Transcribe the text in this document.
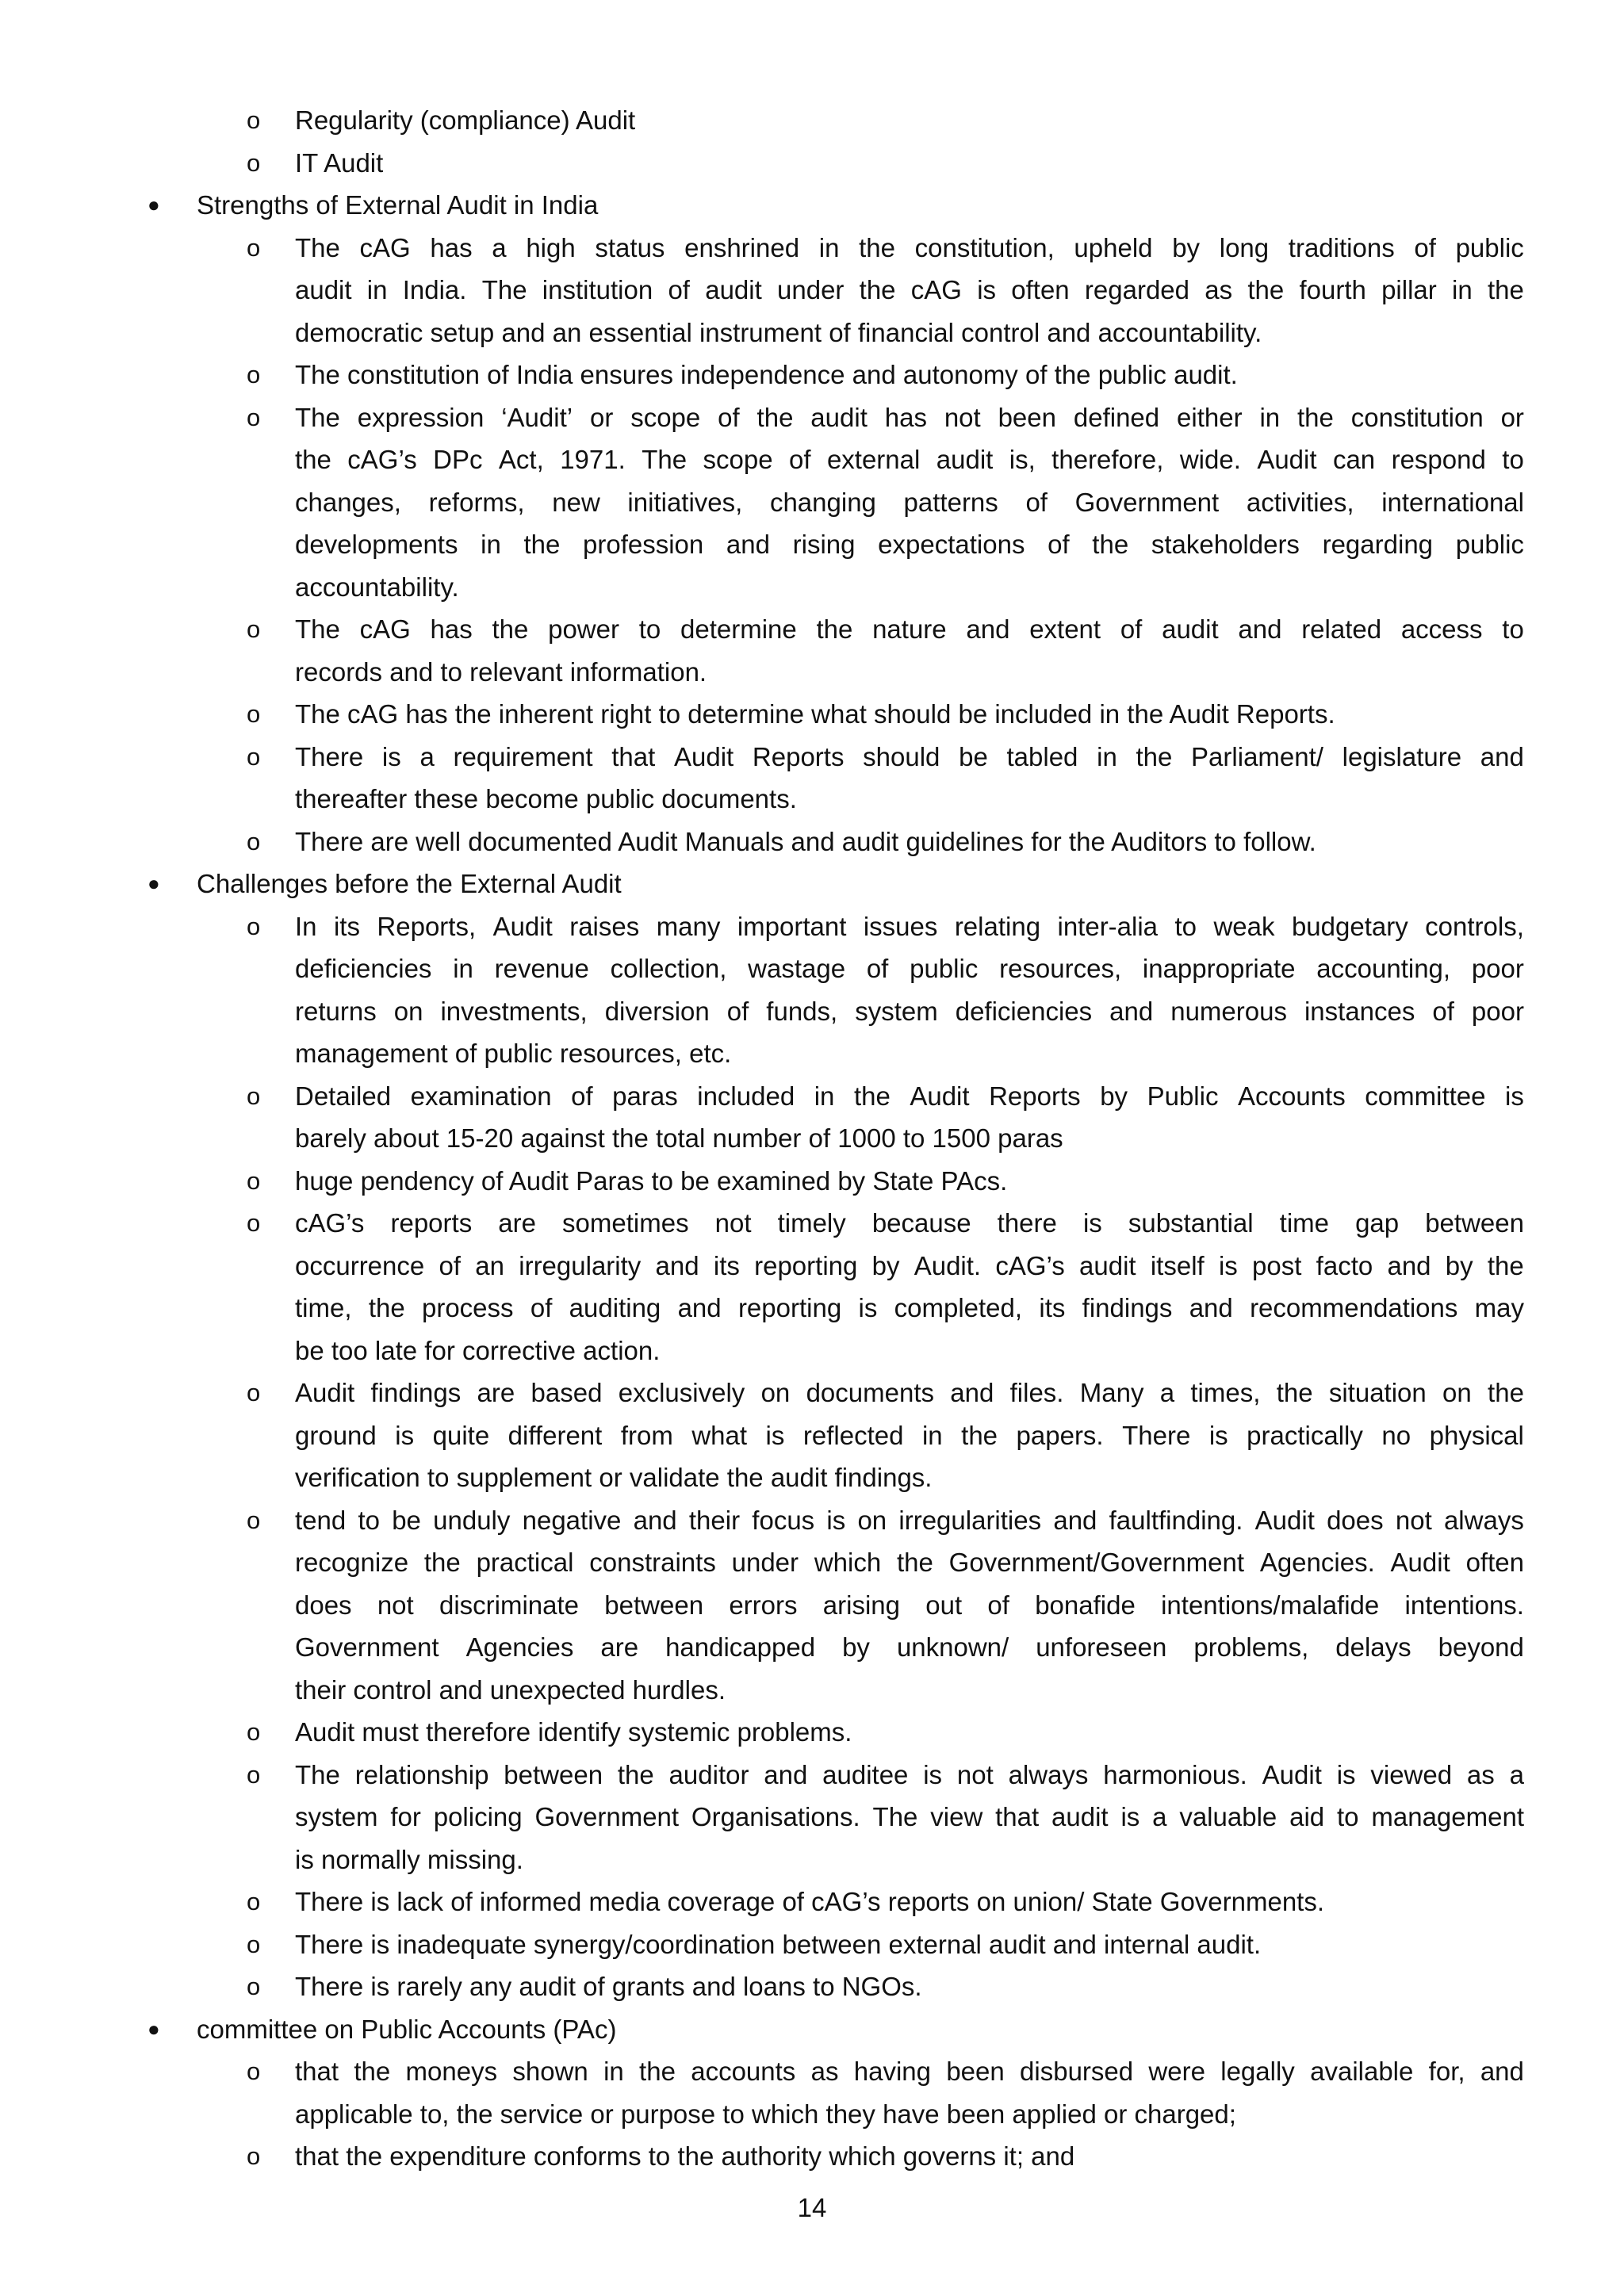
o Regularity (compliance) Audit
o IT Audit
● Strengths of External Audit in India
o The cAG has a high status enshrined in the constitution, upheld by long traditions of public
audit in India. The institution of audit under the cAG is often regarded as the fourth pillar in the
democratic setup and an essential instrument of financial control and accountability.
o The constitution of India ensures independence and autonomy of the public audit.
o The expression ‘Audit’ or scope of the audit has not been defined either in the constitution or
the cAG’s DPc Act, 1971. The scope of external audit is, therefore, wide. Audit can respond to
changes, reforms, new initiatives, changing patterns of Government activities, international
developments in the profession and rising expectations of the stakeholders regarding public
accountability.
o The cAG has the power to determine the nature and extent of audit and related access to
records and to relevant information.
o The cAG has the inherent right to determine what should be included in the Audit Reports.
o There is a requirement that Audit Reports should be tabled in the Parliament/ legislature and
thereafter these become public documents.
o There are well documented Audit Manuals and audit guidelines for the Auditors to follow.
● Challenges before the External Audit
o In its Reports, Audit raises many important issues relating inter-alia to weak budgetary controls,
deficiencies in revenue collection, wastage of public resources, inappropriate accounting, poor
returns on investments, diversion of funds, system deficiencies and numerous instances of poor
management of public resources, etc.
o Detailed examination of paras included in the Audit Reports by Public Accounts committee is
barely about 15-20 against the total number of 1000 to 1500 paras
o huge pendency of Audit Paras to be examined by State PAcs.
o cAG’s reports are sometimes not timely because there is substantial time gap between
occurrence of an irregularity and its reporting by Audit. cAG’s audit itself is post facto and by the
time, the process of auditing and reporting is completed, its findings and recommendations may
be too late for corrective action.
o Audit findings are based exclusively on documents and files. Many a times, the situation on the
ground is quite different from what is reflected in the papers. There is practically no physical
verification to supplement or validate the audit findings.
o tend to be unduly negative and their focus is on irregularities and faultfinding. Audit does not always
recognize the practical constraints under which the Government/Government Agencies. Audit often
does not discriminate between errors arising out of bonafide intentions/malafide intentions.
Government Agencies are handicapped by unknown/ unforeseen problems, delays beyond
their control and unexpected hurdles.
o Audit must therefore identify systemic problems.
o The relationship between the auditor and auditee is not always harmonious. Audit is viewed as a
system for policing Government Organisations. The view that audit is a valuable aid to management
is normally missing.
o There is lack of informed media coverage of cAG’s reports on union/ State Governments.
o There is inadequate synergy/coordination between external audit and internal audit.
o There is rarely any audit of grants and loans to NGOs.
● committee on Public Accounts (PAc)
o that the moneys shown in the accounts as having been disbursed were legally available for, and
applicable to, the service or purpose to which they have been applied or charged;
o that the expenditure conforms to the authority which governs it; and
14
